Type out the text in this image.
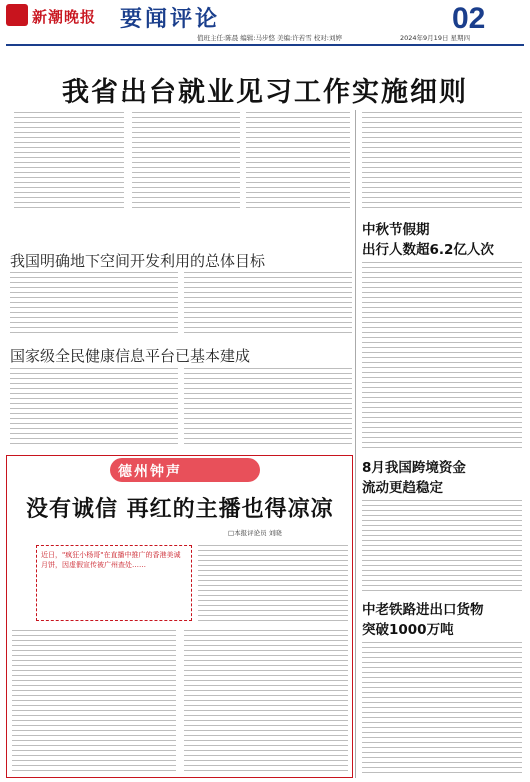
新潮晚报 要闻评论	02
值班主任:陈晨 编辑:马步悠 美编:许若雪 校对:刘婷	2024年9月19日 星期四
我省出台就业见习工作实施细则
我国明确地下空间开发利用的总体目标
国家级全民健康信息平台已基本建成
中秋节假期
出行人数超6.2亿人次
8月我国跨境资金
流动更趋稳定
中老铁路进出口货物
突破1000万吨
德州钟声
没有诚信 再红的主播也得凉凉
□本报评论员 刘晓
近日，"疯狂小杨哥"在直播中推广的香港美诚月饼，因虚假宣传被广州查处……
